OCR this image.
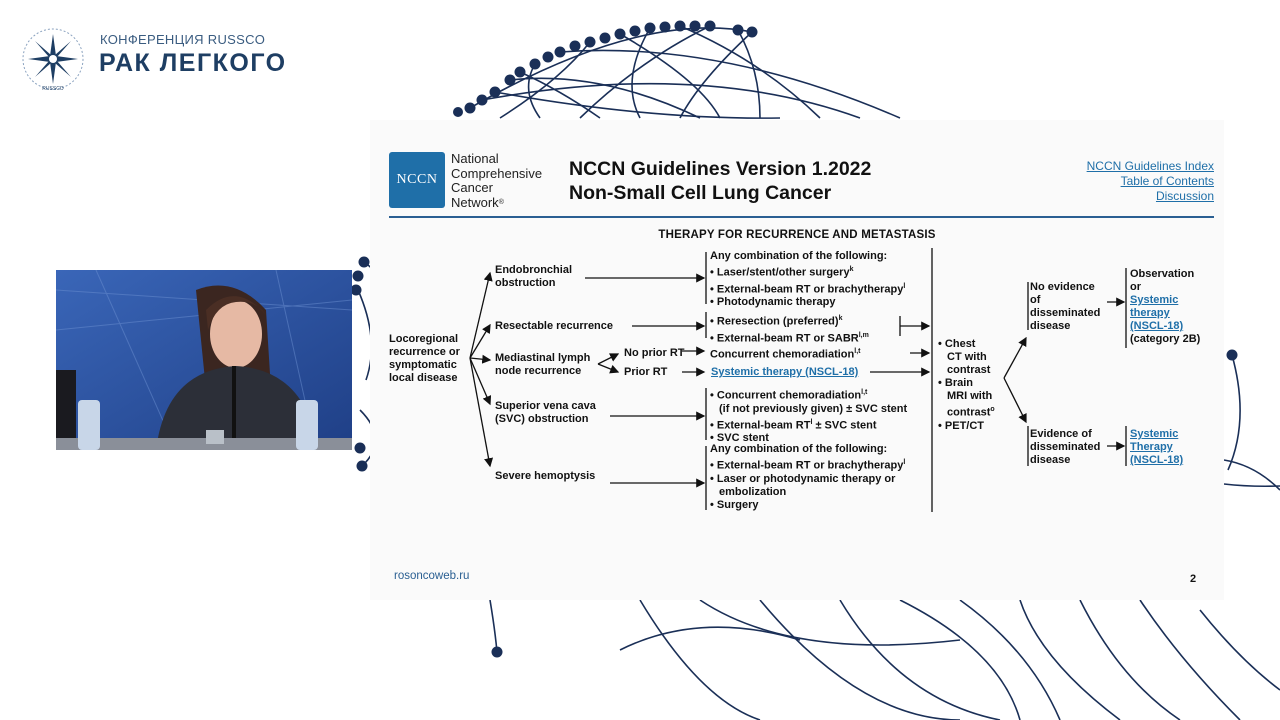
RUSSCO
КОНФЕРЕНЦИЯ RUSSCO
РАК ЛЕГКОГО
NCCN
National
Comprehensive
Cancer
Network®
NCCN Guidelines Version 1.2022
Non-Small Cell Lung Cancer
NCCN Guidelines Index
Table of Contents
Discussion
THERAPY FOR RECURRENCE AND METASTASIS
Locoregional
recurrence or
symptomatic
local disease
Endobronchial
obstruction
Any combination of the following:
• Laser/stent/other surgery$^k$
• External-beam RT or brachytherapy$^l$
• Photodynamic therapy
Resectable recurrence	• Reresection (preferred)$^k$
• External-beam RT or SABR$^{l,m}$
Mediastinal lymph
node recurrence
No prior RT
Prior RT
Concurrent chemoradiation$^{l,t}$
Systemic therapy (NSCL-18)
Superior vena cava
(SVC) obstruction
• Concurrent chemoradiation$^{l,t}$
(if not previously given) ± SVC stent
• External-beam $RT^l$ ± SVC stent
• SVC stent
Severe hemoptysis
Any combination of the following:
• External-beam RT or brachytherapy$^l$
• Laser or photodynamic therapy or
embolization
• Surgery
• Chest
CT with
contrast
• Brain
MRI with
contrast$^o$
• PET/CT
No evidence
of
disseminated
disease
Observation
or
Systemic
therapy
(NSCL-18)
(category 2B)
Evidence of
disseminated
disease
Systemic
Therapy
(NSCL-18)
rosoncoweb.ru	2
